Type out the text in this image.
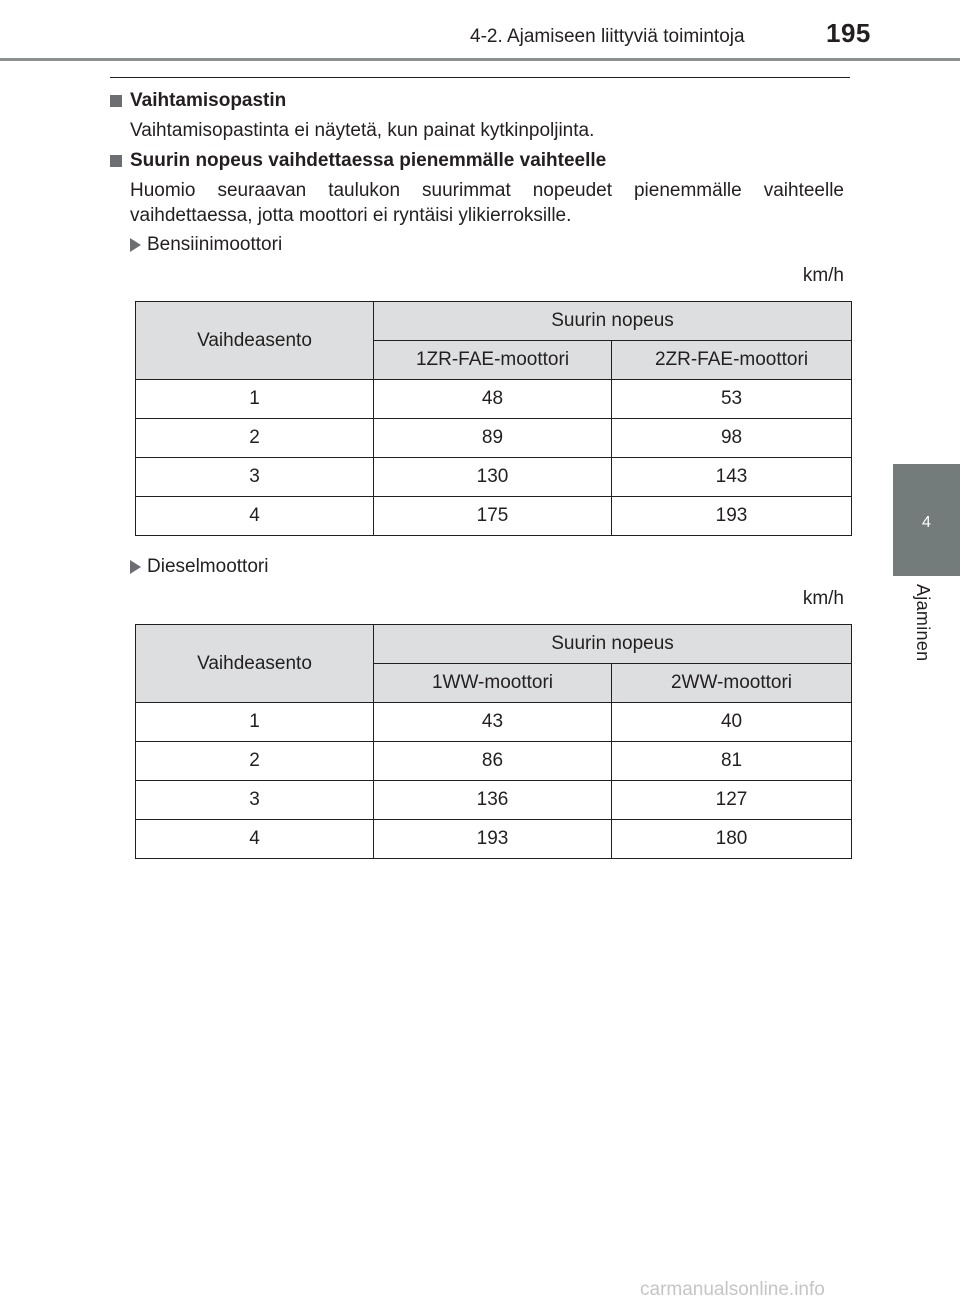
4-2. Ajamiseen liittyviä toimintoja	195
4
Ajaminen
Vaihtamisopastin
Vaihtamisopastinta ei näytetä, kun painat kytkinpoljinta.
Suurin nopeus vaihdettaessa pienemmälle vaihteelle
Huomio seuraavan taulukon suurimmat nopeudet pienemmälle vaihteelle vaihdettaessa, jotta moottori ei ryntäisi ylikierroksille.
Bensiinimoottori
km/h
Vaihdeasento	Suurin nopeus	
	1ZR-FAE-moottori	2ZR-FAE-moottori
1	48	53
2	89	98
3	130	143
4	175	193
Dieselmoottori
km/h
Vaihdeasento	Suurin nopeus	
	1WW-moottori	2WW-moottori
1	43	40
2	86	81
3	136	127
4	193	180
carmanualsonline.info
